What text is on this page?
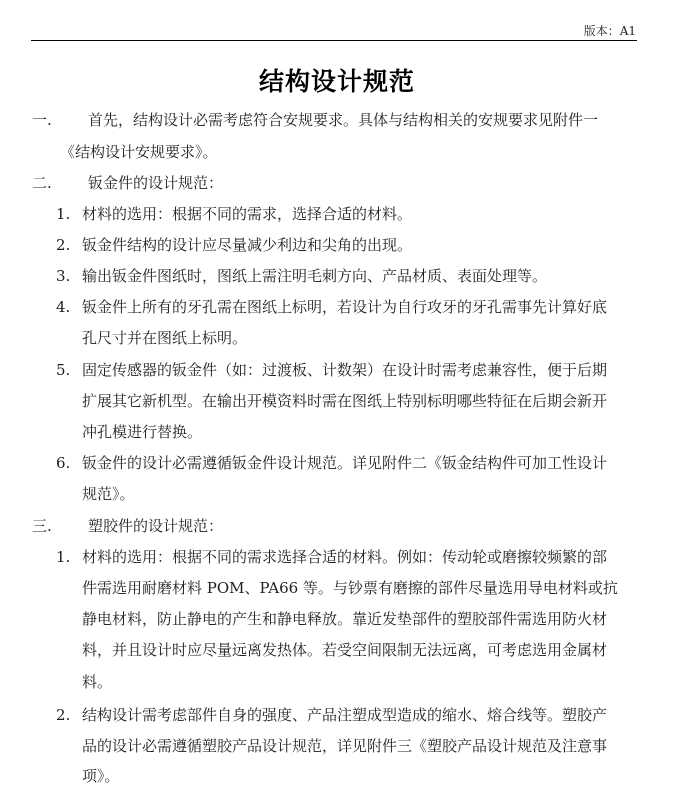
版本：A1
结构设计规范
一. 首先，结构设计必需考虑符合安规要求。具体与结构相关的安规要求见附件一
《结构设计安规要求》。
二. 钣金件的设计规范：
1. 材料的选用：根据不同的需求，选择合适的材料。
2. 钣金件结构的设计应尽量减少利边和尖角的出现。
3. 输出钣金件图纸时，图纸上需注明毛刺方向、产品材质、表面处理等。
4. 钣金件上所有的牙孔需在图纸上标明，若设计为自行攻牙的牙孔需事先计算好底
孔尺寸并在图纸上标明。
5. 固定传感器的钣金件（如：过渡板、计数架）在设计时需考虑兼容性，便于后期
扩展其它新机型。在输出开模资料时需在图纸上特别标明哪些特征在后期会新开
冲孔模进行替换。
6. 钣金件的设计必需遵循钣金件设计规范。详见附件二《钣金结构件可加工性设计
规范》。
三. 塑胶件的设计规范：
1. 材料的选用：根据不同的需求选择合适的材料。例如：传动轮或磨擦较频繁的部
件需选用耐磨材料 POM、PA66 等。与钞票有磨擦的部件尽量选用导电材料或抗
静电材料，防止静电的产生和静电释放。靠近发垫部件的塑胶部件需选用防火材
料，并且设计时应尽量远离发热体。若受空间限制无法远离，可考虑选用金属材
料。
2. 结构设计需考虑部件自身的强度、产品注塑成型造成的缩水、熔合线等。塑胶产
品的设计必需遵循塑胶产品设计规范，详见附件三《塑胶产品设计规范及注意事
项》。
